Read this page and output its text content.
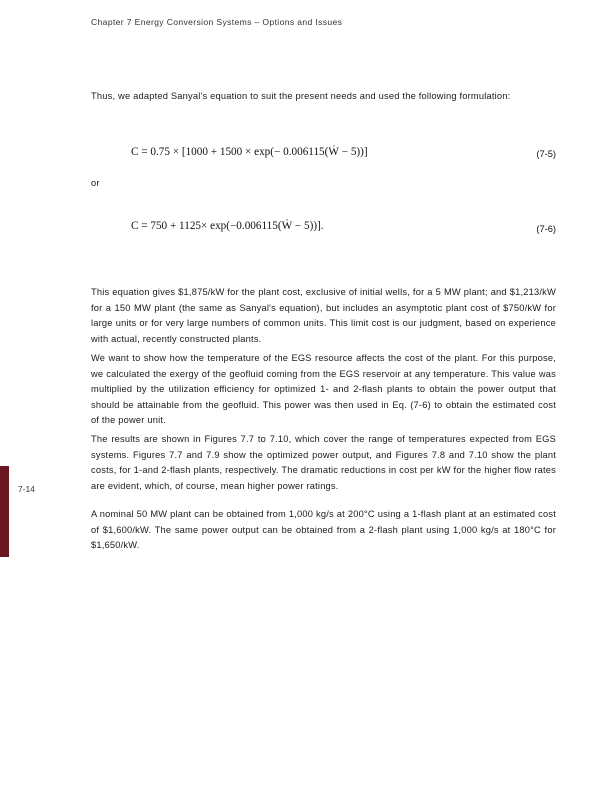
Chapter 7 Energy Conversion Systems – Options and Issues
7-14

Thus, we adapted Sanyal's equation to suit the present needs and used the following formulation:

C = 0.75 × [1000 + 1500 × exp(− 0.006115(Ẇ − 5))]	(7-5)
or
C = 750 + 1125× exp(−0.006115(Ẇ − 5))].	(7-6)

This equation gives $1,875/kW for the plant cost, exclusive of initial wells, for a 5 MW plant; and $1,213/kW for a 150 MW plant (the same as Sanyal's equation), but includes an asymptotic plant cost of $750/kW for large units or for very large numbers of common units. This limit cost is our judgment, based on experience with actual, recently constructed plants.

We want to show how the temperature of the EGS resource affects the cost of the plant. For this purpose, we calculated the exergy of the geofluid coming from the EGS reservoir at any temperature. This value was multiplied by the utilization efficiency for optimized 1- and 2-flash plants to obtain the power output that should be attainable from the geofluid. This power was then used in Eq. (7-6) to obtain the estimated cost of the power unit.

The results are shown in Figures 7.7 to 7.10, which cover the range of temperatures expected from EGS systems. Figures 7.7 and 7.9 show the optimized power output, and Figures 7.8 and 7.10 show the plant costs, for 1-and 2-flash plants, respectively. The dramatic reductions in cost per kW for the higher flow rates are evident, which, of course, mean higher power ratings.

A nominal 50 MW plant can be obtained from 1,000 kg/s at 200°C using a 1-flash plant at an estimated cost of $1,600/kW. The same power output can be obtained from a 2-flash plant using 1,000 kg/s at 180°C for $1,650/kW.
